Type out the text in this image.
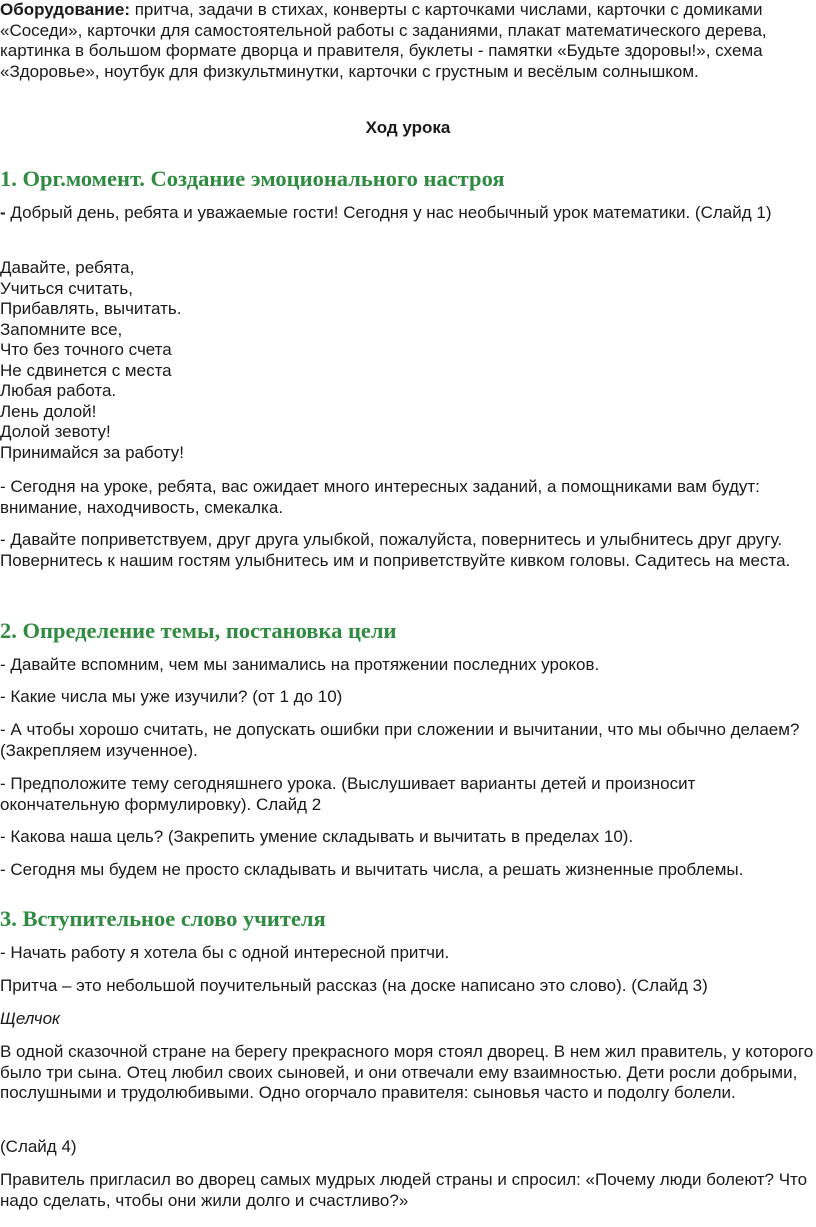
Оборудование: притча, задачи в стихах, конверты с карточками числами, карточки с домиками «Соседи», карточки для самостоятельной работы с заданиями, плакат математического дерева, картинка в большом формате дворца и правителя, буклеты - памятки «Будьте здоровы!», схема «Здоровье», ноутбук для физкультминутки, карточки с грустным и весёлым солнышком.

Ход урока

1. Орг.момент. Создание эмоционального настроя

- Добрый день, ребята и уважаемые гости! Сегодня у нас необычный урок математики. (Слайд 1)

Давайте, ребята,
Учиться считать,
Прибавлять, вычитать.
Запомните все,
Что без точного счета
Не сдвинется с места
Любая работа.
Лень долой!
Долой зевоту!
Принимайся за работу!

- Сегодня на уроке, ребята, вас ожидает много интересных заданий, а помощниками вам будут: внимание, находчивость, смекалка.

- Давайте поприветствуем, друг друга улыбкой, пожалуйста, повернитесь и улыбнитесь друг другу. Повернитесь к нашим гостям улыбнитесь им и поприветствуйте кивком головы. Садитесь на места.

2. Определение темы, постановка цели

- Давайте вспомним, чем мы занимались на протяжении последних уроков.

- Какие числа мы уже изучили? (от 1 до 10)

- А чтобы хорошо считать, не допускать ошибки при сложении и вычитании, что мы обычно делаем? (Закрепляем изученное).

- Предположите тему сегодняшнего урока. (Выслушивает варианты детей и произносит окончательную формулировку). Слайд 2

- Какова наша цель? (Закрепить умение складывать и вычитать в пределах 10).

- Сегодня мы будем не просто складывать и вычитать числа, а решать жизненные проблемы.

3. Вступительное слово учителя

- Начать работу я хотела бы с одной интересной притчи.

Притча – это небольшой поучительный рассказ (на доске написано это слово). (Слайд 3)

Щелчок

В одной сказочной стране на берегу прекрасного моря стоял дворец. В нем жил правитель, у которого было три сына. Отец любил своих сыновей, и они отвечали ему взаимностью. Дети росли добрыми, послушными и трудолюбивыми. Одно огорчало правителя: сыновья часто и подолгу болели.

(Слайд 4)

Правитель пригласил во дворец самых мудрых людей страны и спросил: «Почему люди болеют? Что надо сделать, чтобы они жили долго и счастливо?»
